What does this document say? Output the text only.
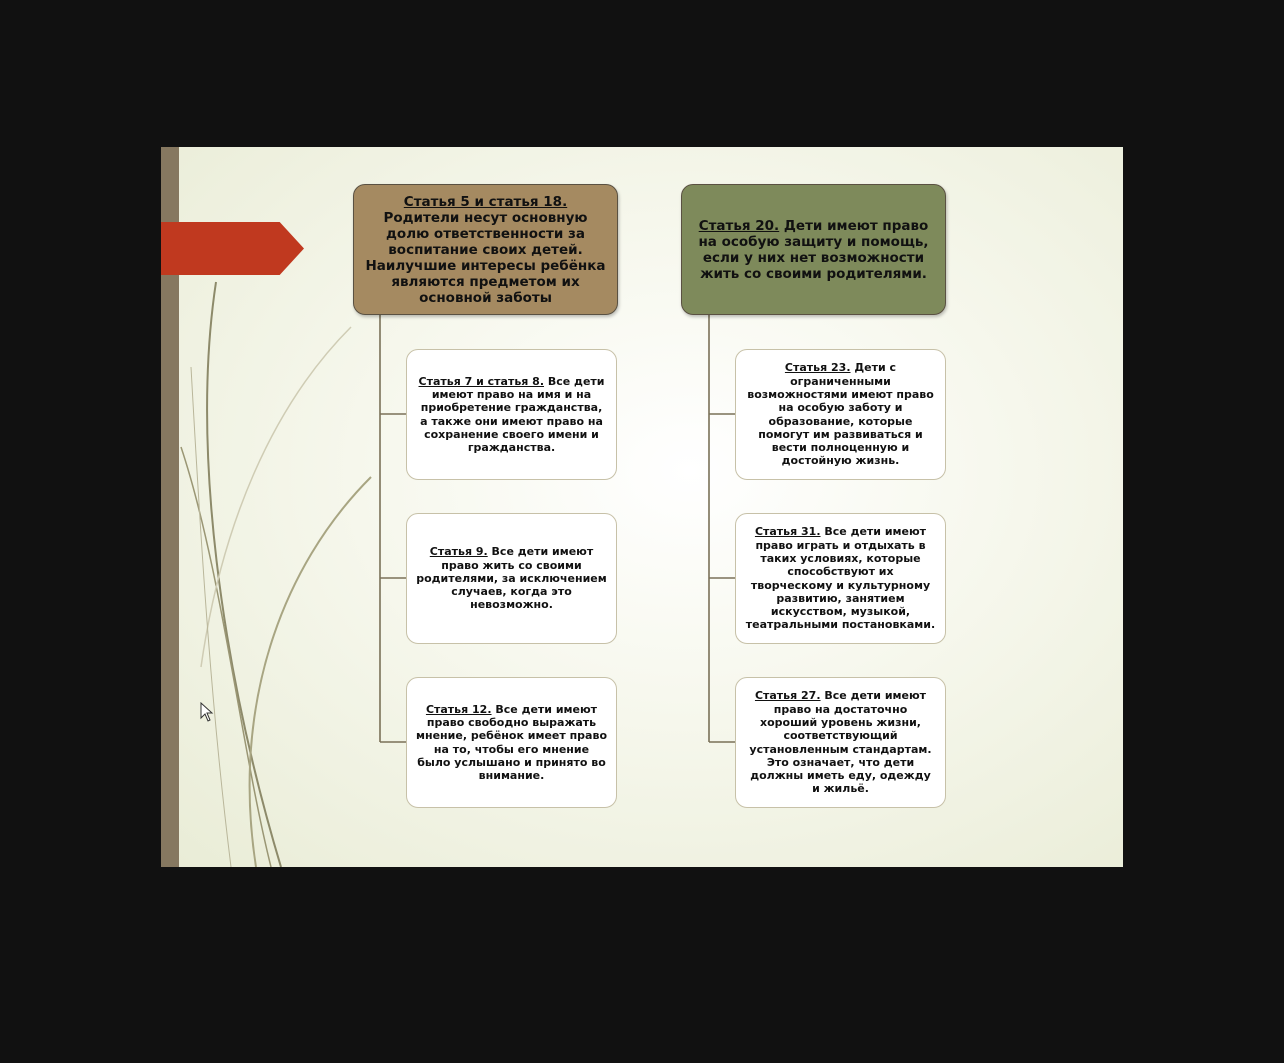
Статья 5 и статья 18.Родители несут основную долю ответственности за воспитание своих детей. Наилучшие интересы ребёнка являются предметом их основной заботы
Статья 20. Дети имеют право на особую защиту и помощь, если у них нет возможности жить со своими родителями.
Статья 7 и статья 8. Все дети имеют право на имя и на приобретение гражданства, а также они имеют право на сохранение своего имени и гражданства.
Статья 9. Все дети имеют право жить со своими родителями, за исключением случаев, когда это невозможно.
Статья 12. Все дети имеют право свободно выражать мнение, ребёнок имеет право на то, чтобы его мнение было услышано и принято во внимание.
Статья 23. Дети с ограниченными возможностями имеют право на особую заботу и образование, которые помогут им развиваться и вести полноценную и достойную жизнь.
Статья 31. Все дети имеют право играть и отдыхать в таких условиях, которые способствуют их творческому и культурному развитию, занятием искусством, музыкой, театральными постановками.
Статья 27. Все дети имеют право на достаточно хороший уровень жизни, соответствующий установленным стандартам. Это означает, что дети должны иметь еду, одежду и жильё.
